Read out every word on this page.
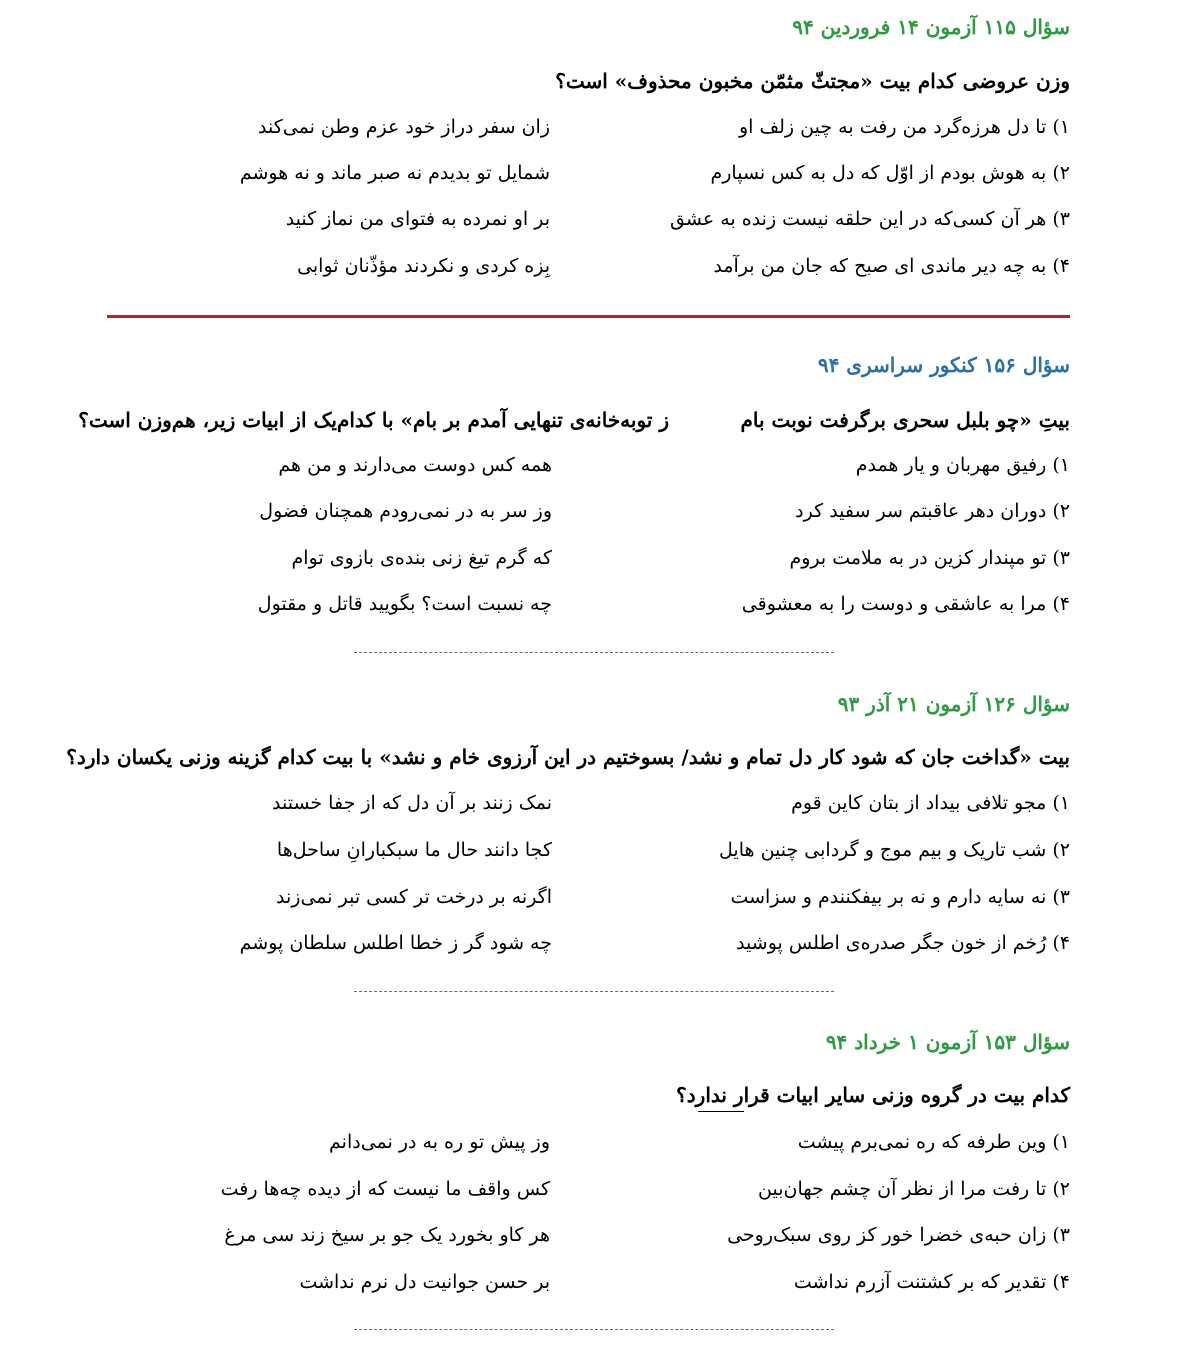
سؤال ۱۱۵ آزمون ۱۴ فروردین ۹۴
وزن عروضی کدام بیت «مجتثّ مثمّن مخبون محذوف» است؟
۱) تا دل هرزه‌گرد من رفت به چین زلف او
زان سفر دراز خود عزم وطن نمی‌کند
۲) به هوش بودم از اوّل که دل به کس نسپارم
شمایل تو بدیدم نه صبر ماند و نه هوشم
۳) هر آن کسی‌که در این حلقه نیست زنده به عشق
بر او نمرده به فتوای من نماز کنید
۴) به چه دیر ماندی ای صبح که جان من برآمد
بِزه کردی و نکردند مؤذّنان ثوابی
سؤال ۱۵۶ کنکور سراسری ۹۴
بیتِ «چو بلبل سحری برگرفت نوبت بام
ز توبه‌خانه‌ی تنهایی آمدم بر بام» با کدام‌یک از ابیات زیر، هم‌وزن است؟
۱) رفیق مهربان و یار همدم
همه کس دوست می‌دارند و من هم
۲) دوران دهر عاقبتم سر سفید کرد
وز سر به در نمی‌رودم همچنان فضول
۳) تو مپندار کزین در به ملامت بروم
که گرم تیغ زنی بنده‌ی بازوی توام
۴) مرا به عاشقی و دوست را به معشوقی
چه نسبت است؟ بگویید قاتل و مقتول
سؤال ۱۲۶ آزمون ۲۱ آذر ۹۳
بیت «گداخت جان که شود کار دل تمام و نشد/ بسوختیم در این آرزوی خام و نشد» با بیت کدام گزینه وزنی یکسان دارد؟
۱) مجو تلافی بیداد از بتان کاین قوم
نمک زنند بر آن دل که از جفا خستند
۲) شب تاریک و بیم موج و گردابی چنین هایل
کجا دانند حال ما سبکبارانِ ساحل‌ها
۳) نه سایه دارم و نه بر بیفکنندم و سزاست
اگرنه بر درخت تر کسی تبر نمی‌زند
۴) رُخم از خون جگر صدره‌ی اطلس پوشید
چه شود گر ز خطا اطلس سلطان پوشم
سؤال ۱۵۳ آزمون ۱ خرداد ۹۴
کدام بیت در گروه وزنی سایر ابیات قرار ندارد؟
۱) وین طرفه که ره نمی‌برم پیشت
وز پیش تو ره به در نمی‌دانم
۲) تا رفت مرا از نظر آن چشم جهان‌بین
کس واقف ما نیست که از دیده چه‌ها رفت
۳) زان حبه‌ی خضرا خور کز روی سبک‌روحی
هر کاو بخورد یک جو بر سیخ زند سی مرغ
۴) تقدیر که بر کشتنت آزرم نداشت
بر حسن جوانیت دل نرم نداشت
